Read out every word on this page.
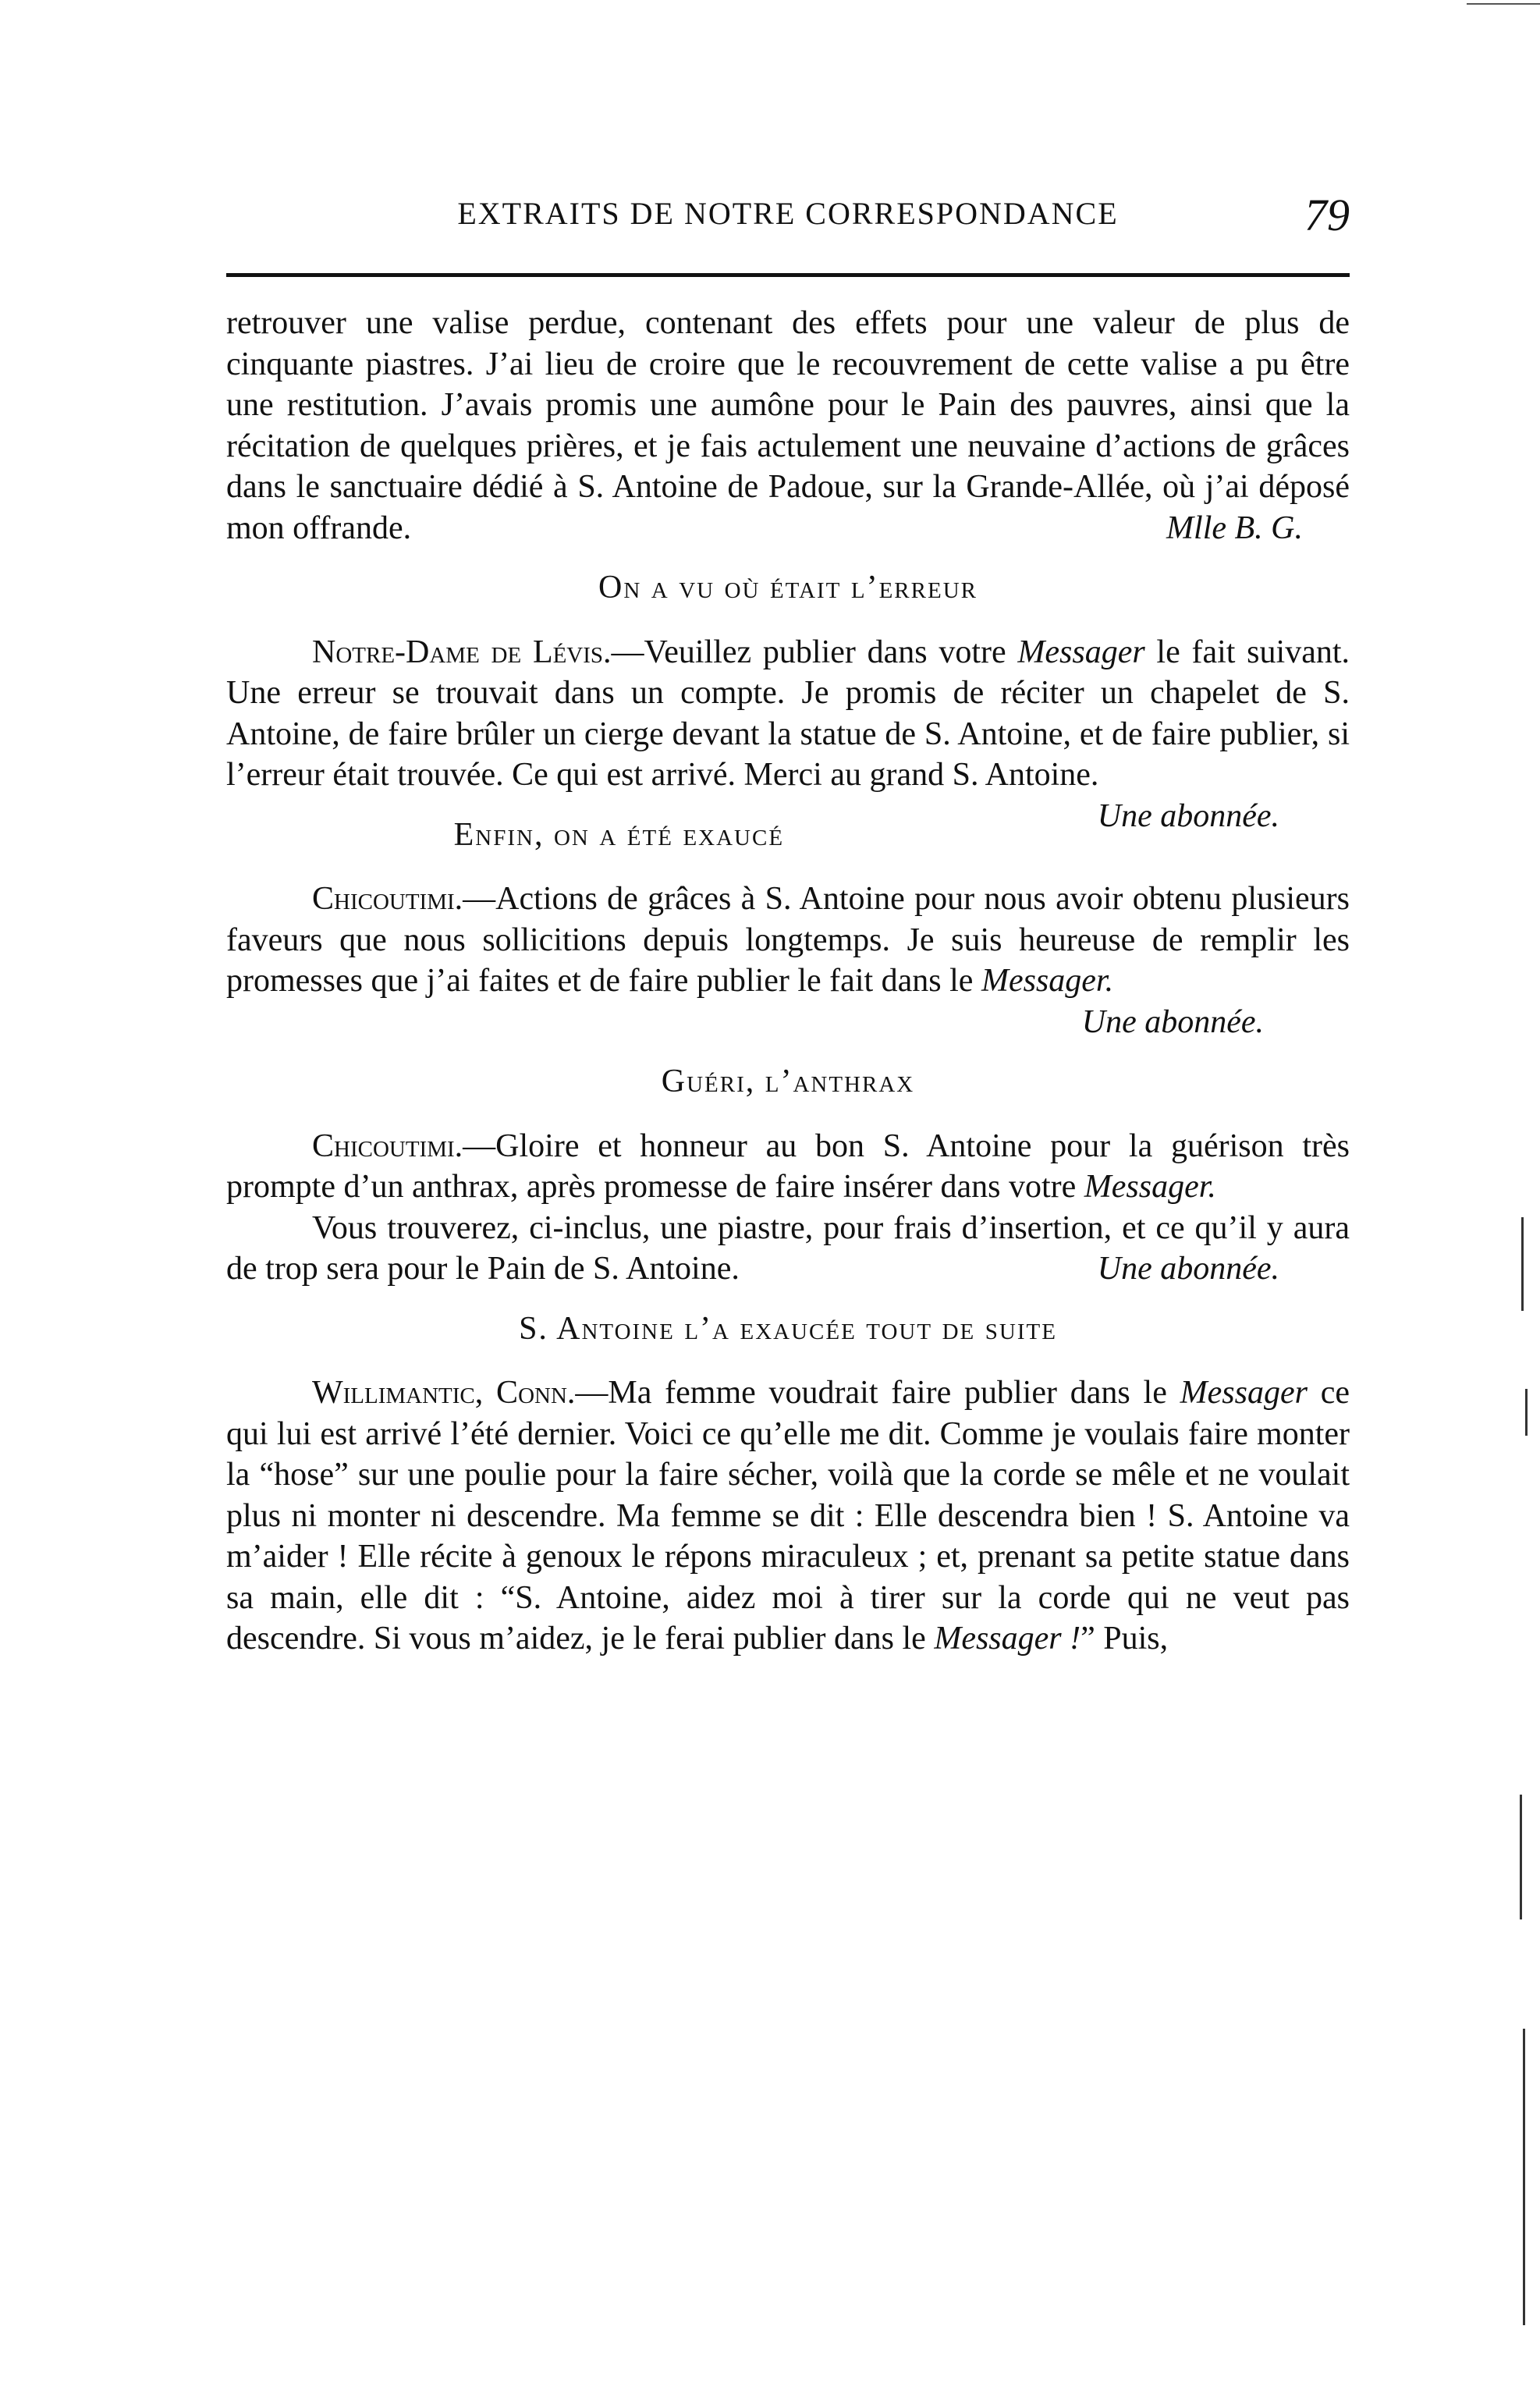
EXTRAITS DE NOTRE CORRESPONDANCE	79

retrouver une valise perdue, contenant des effets pour une valeur de plus de cinquante piastres. J’ai lieu de croire que le recouvrement de cette valise a pu être une restitution. J’avais promis une aumône pour le Pain des pauvres, ainsi que la récitation de quelques prières, et je fais actulement une neuvaine d’actions de grâces dans le sanctuaire dédié à S. Antoine de Padoue, sur la Grande-Allée, où j’ai déposé mon offrande.	Mlle B. G.

On a vu où était l’erreur

Notre-Dame de Lévis.—Veuillez publier dans votre Messager le fait suivant. Une erreur se trouvait dans un compte. Je promis de réciter un chapelet de S. Antoine, de faire brûler un cierge devant la statue de S. Antoine, et de faire publier, si l’erreur était trouvée. Ce qui est arrivé. Merci au grand S. Antoine.
Une abonnée.

Enfin, on a été exaucé

Chicoutimi.—Actions de grâces à S. Antoine pour nous avoir obtenu plusieurs faveurs que nous sollicitions depuis longtemps. Je suis heureuse de remplir les promesses que j’ai faites et de faire publier le fait dans le Messager.

Une abonnée.

Guéri, l’anthrax

Chicoutimi.—Gloire et honneur au bon S. Antoine pour la guérison très prompte d’un anthrax, après promesse de faire insérer dans votre Messager.

Vous trouverez, ci-inclus, une piastre, pour frais d’insertion, et ce qu’il y aura de trop sera pour le Pain de S. Antoine.	Une abonnée.

S. Antoine l’a exaucée tout de suite

Willimantic, Conn.—Ma femme voudrait faire publier dans le Messager ce qui lui est arrivé l’été dernier. Voici ce qu’elle me dit. Comme je voulais faire monter la “hose” sur une poulie pour la faire sécher, voilà que la corde se mêle et ne voulait plus ni monter ni descendre. Ma femme se dit : Elle descendra bien ! S. Antoine va m’aider ! Elle récite à genoux le répons miraculeux ; et, prenant sa petite statue dans sa main, elle dit : “S. Antoine, aidez moi à tirer sur la corde qui ne veut pas descendre. Si vous m’aidez, je le ferai publier dans le Messager !” Puis,
